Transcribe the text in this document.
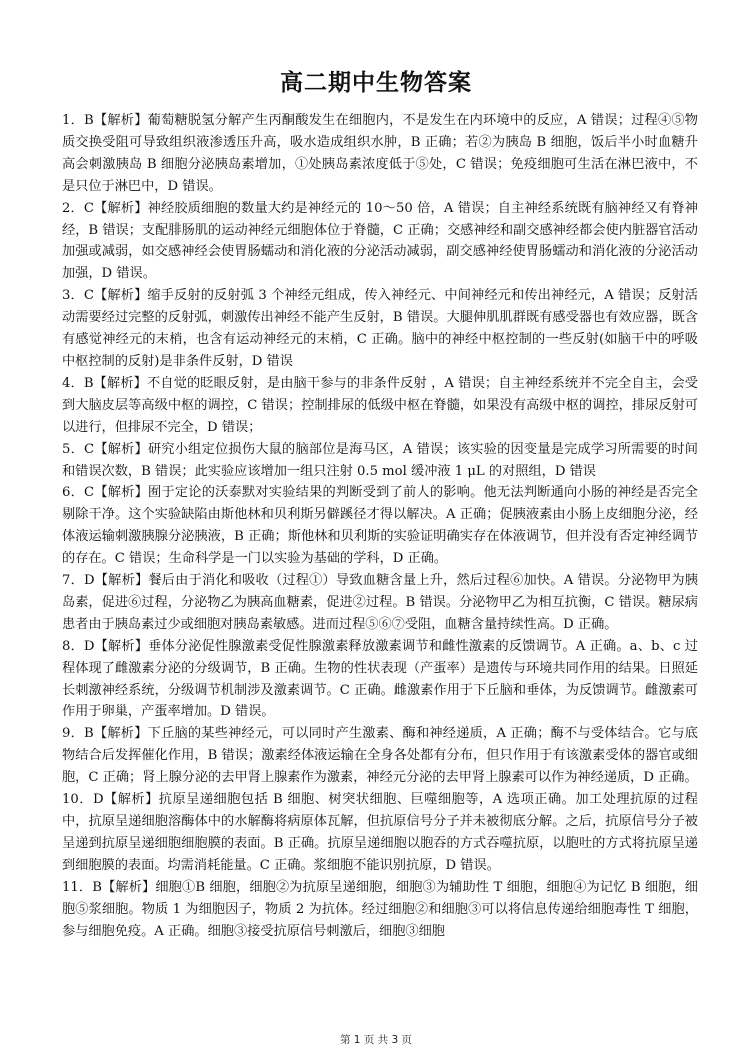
高二期中生物答案

1．B【解析】葡萄糖脱氢分解产生丙酮酸发生在细胞内，不是发生在内环境中的反应，A 错误；过程④⑤物质交换受阻可导致组织液渗透压升高，吸水造成组织水肿，B 正确；若②为胰岛 B 细胞，饭后半小时血糖升高会刺激胰岛 B 细胞分泌胰岛素增加，①处胰岛素浓度低于⑤处，C 错误；免疫细胞可生活在淋巴液中，不是只位于淋巴中，D 错误。

2．C【解析】神经胶质细胞的数量大约是神经元的 10～50 倍，A 错误；自主神经系统既有脑神经又有脊神经，B 错误；支配腓肠肌的运动神经元细胞体位于脊髓，C 正确；交感神经和副交感神经都会使内脏器官活动加强或减弱，如交感神经会使胃肠蠕动和消化液的分泌活动减弱，副交感神经使胃肠蠕动和消化液的分泌活动加强，D 错误。

3．C【解析】缩手反射的反射弧 3 个神经元组成，传入神经元、中间神经元和传出神经元，A 错误；反射活动需要经过完整的反射弧，刺激传出神经不能产生反射，B 错误。大腿伸肌肌群既有感受器也有效应器，既含有感觉神经元的末梢，也含有运动神经元的末梢，C 正确。脑中的神经中枢控制的一些反射(如脑干中的呼吸中枢控制的反射)是非条件反射，D 错误

4．B【解析】不自觉的眨眼反射，是由脑干参与的非条件反射 ，A 错误；自主神经系统并不完全自主，会受到大脑皮层等高级中枢的调控，C 错误；控制排尿的低级中枢在脊髓，如果没有高级中枢的调控，排尿反射可以进行，但排尿不完全，D 错误；

5．C【解析】研究小组定位损伤大鼠的脑部位是海马区，A 错误；该实验的因变量是完成学习所需要的时间和错误次数，B 错误；此实验应该增加一组只注射 0.5 mol 缓冲液 1 μL 的对照组，D 错误

6．C【解析】囿于定论的沃泰默对实验结果的判断受到了前人的影响。他无法判断通向小肠的神经是否完全剔除干净。这个实验缺陷由斯他林和贝利斯另僻蹊径才得以解决。A 正确；促胰液素由小肠上皮细胞分泌，经体液运输刺激胰腺分泌胰液，B 正确；斯他林和贝利斯的实验证明确实存在体液调节，但并没有否定神经调节的存在。C 错误；生命科学是一门以实验为基础的学科，D 正确。

7．D【解析】餐后由于消化和吸收（过程①）导致血糖含量上升，然后过程⑥加快。A 错误。分泌物甲为胰岛素，促进⑥过程，分泌物乙为胰高血糖素，促进②过程。B 错误。分泌物甲乙为相互抗衡，C 错误。糖尿病患者由于胰岛素过少或细胞对胰岛素敏感。进而过程⑤⑥⑦受阻，血糖含量持续性高。D 正确。

8．D【解析】垂体分泌促性腺激素受促性腺激素释放激素调节和雌性激素的反馈调节。A 正确。a、b、c 过程体现了雌激素分泌的分级调节，B 正确。生物的性状表现（产蛋率）是遗传与环境共同作用的结果。日照延长刺激神经系统，分级调节机制涉及激素调节。C 正确。雌激素作用于下丘脑和垂体，为反馈调节。雌激素可作用于卵巢，产蛋率增加。D 错误。

9．B【解析】下丘脑的某些神经元，可以同时产生激素、酶和神经递质，A 正确；酶不与受体结合。它与底物结合后发挥催化作用，B 错误；激素经体液运输在全身各处都有分布，但只作用于有该激素受体的器官或细胞，C 正确；肾上腺分泌的去甲肾上腺素作为激素，神经元分泌的去甲肾上腺素可以作为神经递质，D 正确。

10．D【解析】抗原呈递细胞包括 B 细胞、树突状细胞、巨噬细胞等，A 选项正确。加工处理抗原的过程中，抗原呈递细胞溶酶体中的水解酶将病原体瓦解，但抗原信号分子并未被彻底分解。之后，抗原信号分子被呈递到抗原呈递细胞细胞膜的表面。B 正确。抗原呈递细胞以胞吞的方式吞噬抗原，以胞吐的方式将抗原呈递到细胞膜的表面。均需消耗能量。C 正确。浆细胞不能识别抗原，D 错误。

11．B【解析】细胞①B 细胞，细胞②为抗原呈递细胞，细胞③为辅助性 T 细胞，细胞④为记忆 B 细胞，细胞⑤浆细胞。物质 1 为细胞因子，物质 2 为抗体。经过细胞②和细胞③可以将信息传递给细胞毒性 T 细胞，参与细胞免疫。A 正确。细胞③接受抗原信号刺激后，细胞③细胞

第 1 页 共 3 页
